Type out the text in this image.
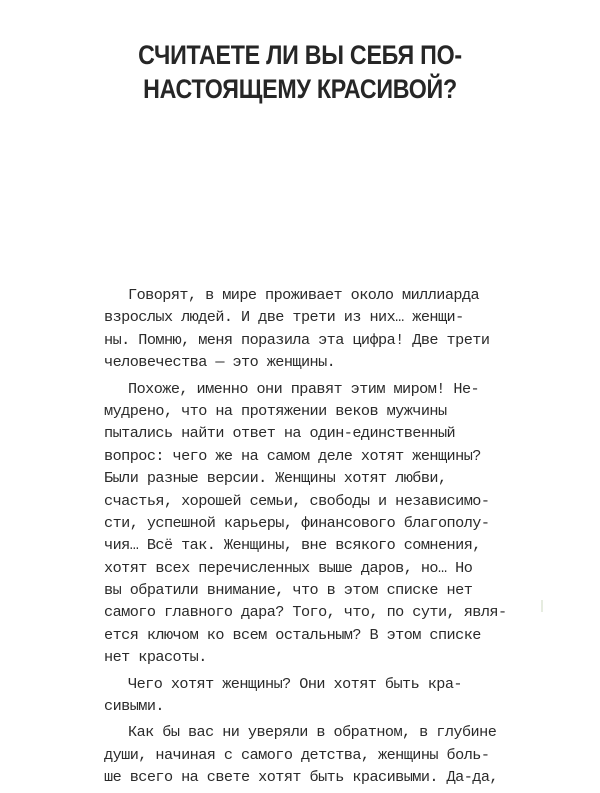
СЧИТАЕТЕ ЛИ ВЫ СЕБЯ ПО-
НАСТОЯЩЕМУ КРАСИВОЙ?

Говорят, в мире проживает около миллиарда
взрослых людей. И две трети из них… женщи-
ны. Помню, меня поразила эта цифра! Две трети
человечества — это женщины.

Похоже, именно они правят этим миром! Не-
мудрено, что на протяжении веков мужчины
пытались найти ответ на один-единственный
вопрос: чего же на самом деле хотят женщины?
Были разные версии. Женщины хотят любви,
счастья, хорошей семьи, свободы и независимо-
сти, успешной карьеры, финансового благополу-
чия… Всё так. Женщины, вне всякого сомнения,
хотят всех перечисленных выше даров, но… Но
вы обратили внимание, что в этом списке нет
самого главного дара? Того, что, по сути, явля-
ется ключом ко всем остальным? В этом списке
нет красоты.

Чего хотят женщины? Они хотят быть кра-
сивыми.

Как бы вас ни уверяли в обратном, в глубине
души, начиная с самого детства, женщины боль-
ше всего на свете хотят быть красивыми. Да-да,
